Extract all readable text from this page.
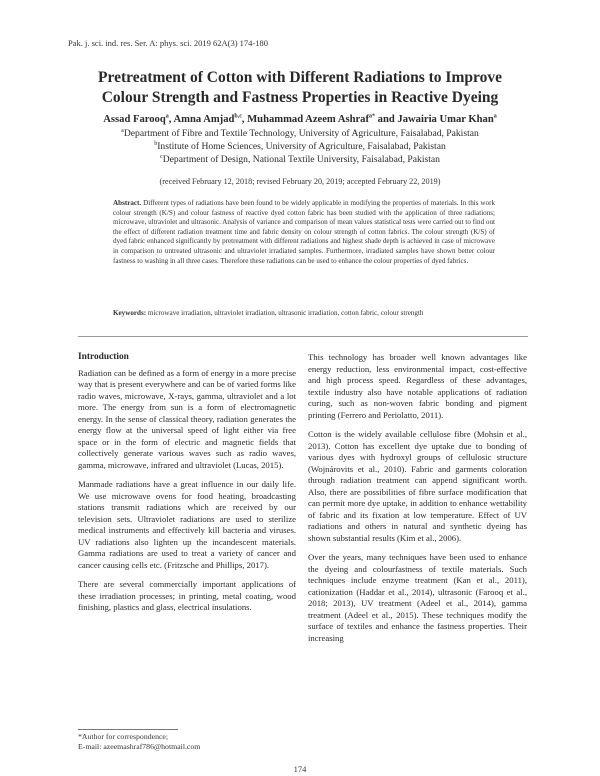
Pak. j. sci. ind. res. Ser. A: phys. sci. 2019 62A(3) 174-180
Pretreatment of Cotton with Different Radiations to Improve
Colour Strength and Fastness Properties in Reactive Dyeing
Assad Farooq$^a$, Amna Amjad$^{b,c}$, Muhammad Azeem Ashraf$^{a*}$ and Jawairia Umar Khan$^a$
$^a$Department of Fibre and Textile Technology, University of Agriculture, Faisalabad, Pakistan
$^b$Institute of Home Sciences, University of Agriculture, Faisalabad, Pakistan
$^c$Department of Design, National Textile University, Faisalabad, Pakistan
(received February 12, 2018; revised February 20, 2019; accepted February 22, 2019)
Abstract. Different types of radiations have been found to be widely applicable in modifying the properties of materials. In this work colour strength (K/S) and colour fastness of reactive dyed cotton fabric has been studied with the application of three radiations; microwave, ultraviolet and ultrasonic. Analysis of variance and comparison of mean values statistical tests were carried out to find out the effect of different radiation treatment time and fabric density on colour strength of cotton fabrics. The colour strength (K/S) of dyed fabric enhanced significantly by pretreatment with different radiations and highest shade depth is achieved in case of microwave in comparison to untreated ultrasonic and ultraviolet irradiated samples. Furthermore, irradiated samples have shown better colour fastness to washing in all three cases. Therefore these radiations can be used to enhance the colour properties of dyed fabrics.
Keywords: microwave irradiation, ultraviolet irradiation, ultrasonic irradiation, cotton fabric, colour strength
Introduction

Radiation can be defined as a form of energy in a more precise way that is present everywhere and can be of varied forms like radio waves, microwave, X-rays, gamma, ultraviolet and a lot more. The energy from sun is a form of electromagnetic energy. In the sense of classical theory, radiation generates the energy flow at the universal speed of light either via free space or in the form of electric and magnetic fields that collectively generate various waves such as radio waves, gamma, microwave, infrared and ultraviolet (Lucas, 2015).

Manmade radiations have a great influence in our daily life. We use microwave ovens for food heating, broadcasting stations transmit radiations which are received by our television sets. Ultraviolet radiations are used to sterilize medical instruments and effectively kill bacteria and viruses. UV radiations also lighten up the incandescent materials. Gamma radiations are used to treat a variety of cancer and cancer causing cells etc. (Fritzsche and Phillips, 2017).

There are several commercially important applications of these irradiation processes; in printing, metal coating, wood finishing, plastics and glass, electrical insulations.

This technology has broader well known advantages like energy reduction, less environmental impact, cost-effective and high process speed. Regardless of these advantages, textile industry also have notable applications of radiation curing, such as non-woven fabric bonding and pigment printing (Ferrero and Periolatto, 2011).

Cotton is the widely available cellulose fibre (Mohsin et al., 2013). Cotton has excellent dye uptake due to bonding of various dyes with hydroxyl groups of cellulosic structure (Wojnárovits et al., 2010). Fabric and garments coloration through radiation treatment can append significant worth. Also, there are possibilities of fibre surface modification that can permit more dye uptake, in addition to enhance wettability of fabric and its fixation at low temperature. Effect of UV radiations and others in natural and synthetic dyeing has shown substantial results (Kim et al., 2006).

Over the years, many techniques have been used to enhance the dyeing and colourfastness of textile materials. Such techniques include enzyme treatment (Kan et al., 2011), cationization (Haddar et al., 2014), ultrasonic (Farooq et al., 2018; 2013), UV treatment (Adeel et al., 2014), gamma treatment (Adeel et al., 2015). These techniques modify the surface of textiles and enhance the fastness properties. Their increasing

*Author for correspondence;
E-mail: azeemashraf786@hotmail.com
174
